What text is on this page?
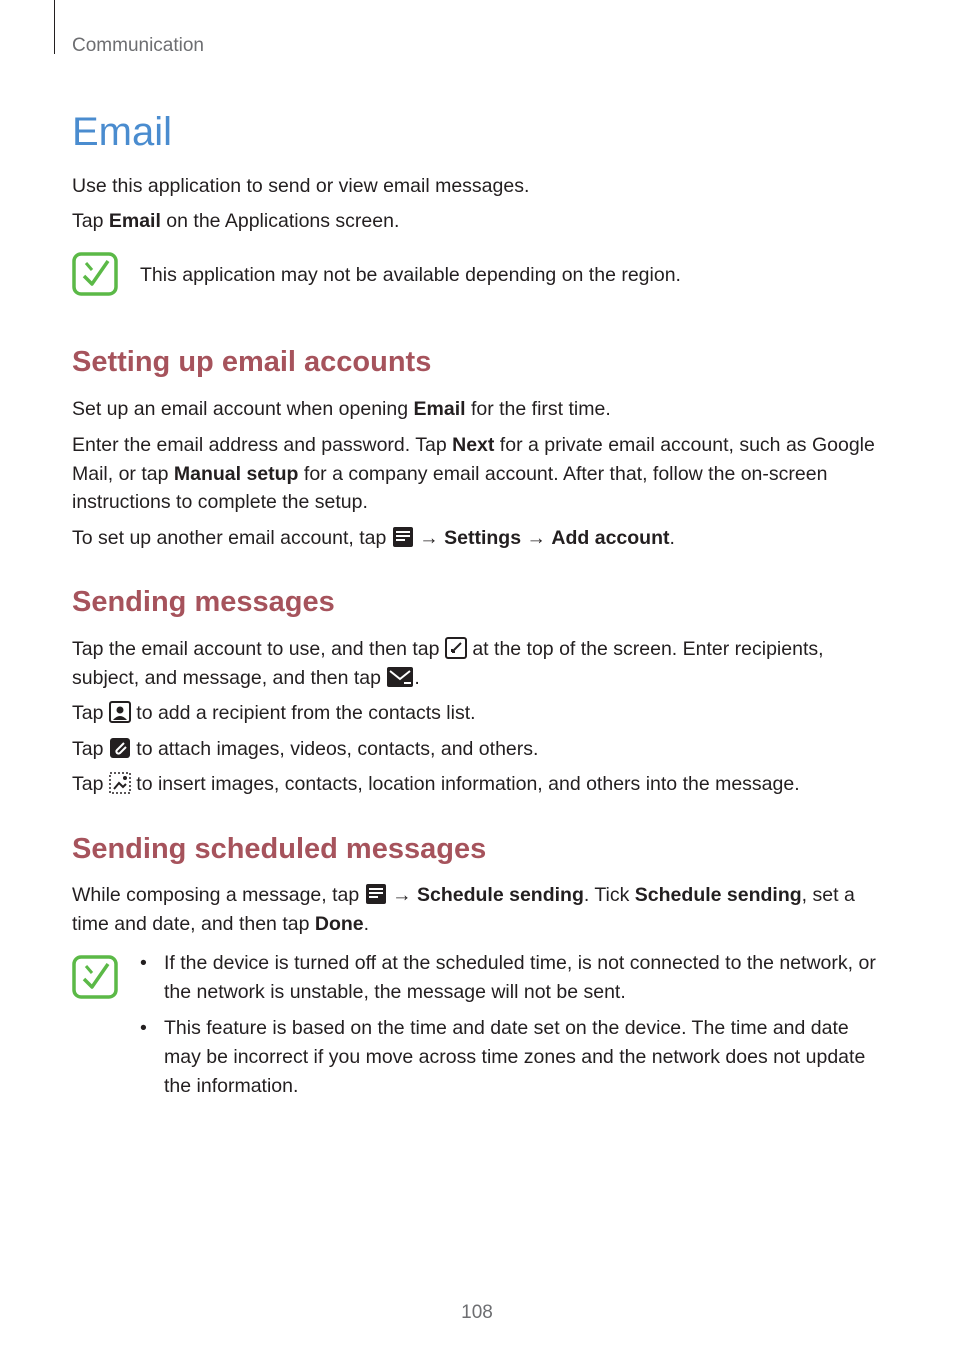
Communication
Email

Use this application to send or view email messages.

Tap Email on the Applications screen.

This application may not be available depending on the region.

Setting up email accounts

Set up an email account when opening Email for the first time.

Enter the email address and password. Tap Next for a private email account, such as Google Mail, or tap Manual setup for a company email account. After that, follow the on-screen instructions to complete the setup.

To set up another email account, tap  → Settings → Add account.

Sending messages

Tap the email account to use, and then tap  at the top of the screen. Enter recipients, subject, and message, and then tap .

Tap  to add a recipient from the contacts list.

Tap  to attach images, videos, contacts, and others.

Tap  to insert images, contacts, location information, and others into the message.

Sending scheduled messages

While composing a message, tap  → Schedule sending. Tick Schedule sending, set a time and date, and then tap Done.

• If the device is turned off at the scheduled time, is not connected to the network, or the network is unstable, the message will not be sent.
• This feature is based on the time and date set on the device. The time and date may be incorrect if you move across time zones and the network does not update the information.
108
